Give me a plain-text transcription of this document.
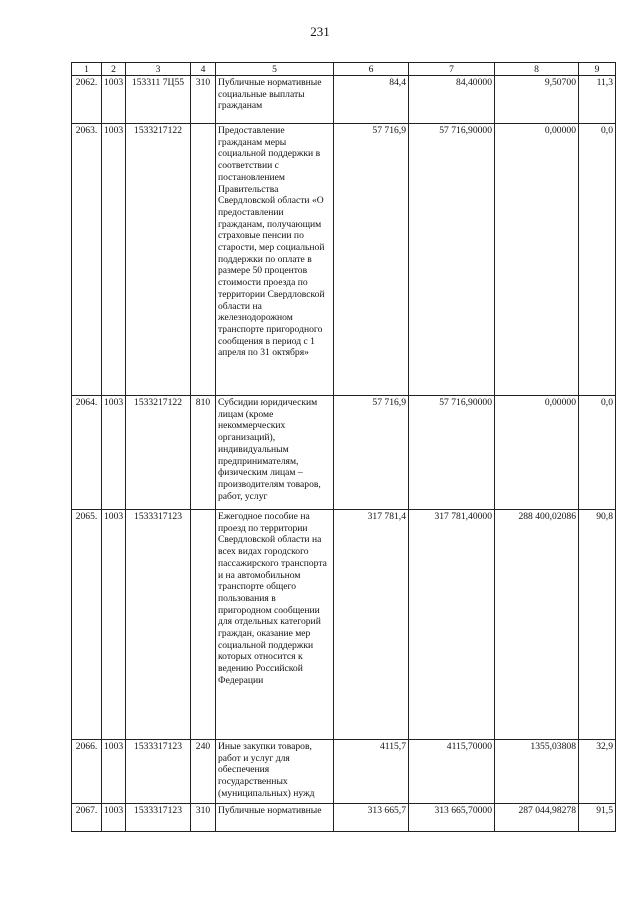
231
1	2	3	4	5	6	7	8	9
2062.	1003	153311 7Ц55	310	Публичные нормативные социальные выплаты гражданам	84,4	84,40000	9,50700	11,3
2063.	1003	1533217122		Предоставление гражданам меры социальной поддержки в соответствии с постановлением Правительства Свердловской области «О предоставлении гражданам, получающим страховые пенсии по старости, мер социальной поддержки по оплате в размере 50 процентов стоимости проезда по территории Свердловской области на железнодорожном транспорте пригородного сообщения в период с 1 апреля по 31 октября»	57 716,9	57 716,90000	0,00000	0,0
2064.	1003	1533217122	810	Субсидии юридическим лицам (кроме некоммерческих организаций), индивидуальным предпринимателям, физическим лицам – производителям товаров, работ, услуг	57 716,9	57 716,90000	0,00000	0,0
2065.	1003	1533317123		Ежегодное пособие на проезд по территории Свердловской области на всех видах городского пассажирского транспорта и на автомобильном транспорте общего пользования в пригородном сообщении для отдельных категорий граждан, оказание мер социальной поддержки которых относится к ведению Российской Федерации	317 781,4	317 781,40000	288 400,02086	90,8
2066.	1003	1533317123	240	Иные закупки товаров, работ и услуг для обеспечения государственных (муниципальных) нужд	4115,7	4115,70000	1355,03808	32,9
2067.	1003	1533317123	310	Публичные нормативные	313 665,7	313 665,70000	287 044,98278	91,5
